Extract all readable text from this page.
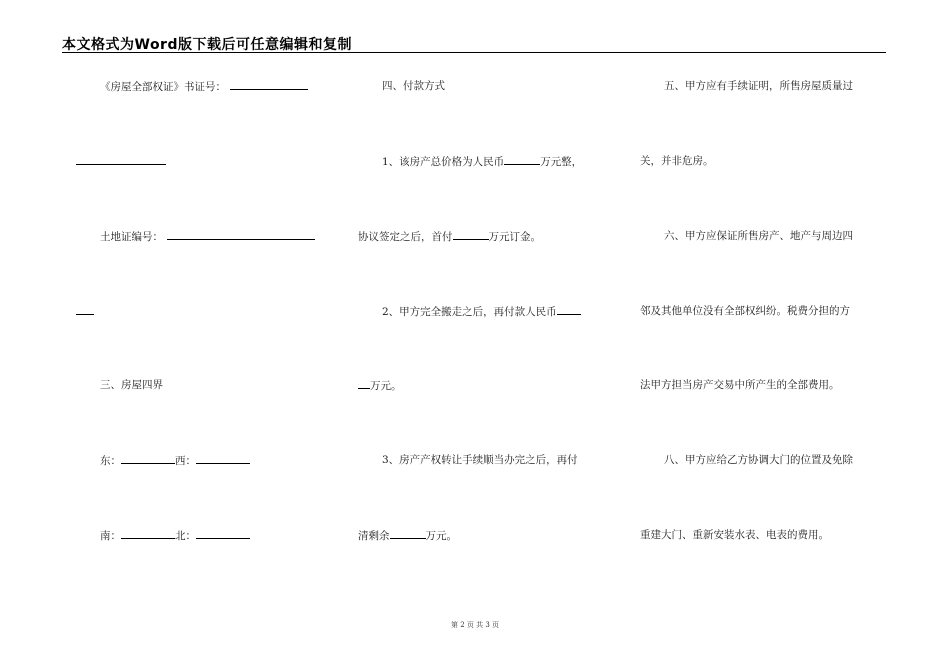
本文格式为Word版下载后可任意编辑和复制
《房屋全部权证》书证号：
土地证编号：
三、房屋四界
东：	西：
南：	北：
四、付款方式
1、该房产总价格为人民币	万元整，
协议签定之后，首付	万元订金。
2、甲方完全搬走之后，再付款人民币
万元。
3、房产产权转让手续顺当办完之后，再付
清剩余	万元。
五、甲方应有手续证明，所售房屋质量过
关，并非危房。
六、甲方应保证所售房产、地产与周边四
邻及其他单位没有全部权纠纷。税费分担的方
法甲方担当房产交易中所产生的全部费用。
八、甲方应给乙方协调大门的位置及免除
重建大门、重新安装水表、电表的费用。
第 2 页 共 3 页
